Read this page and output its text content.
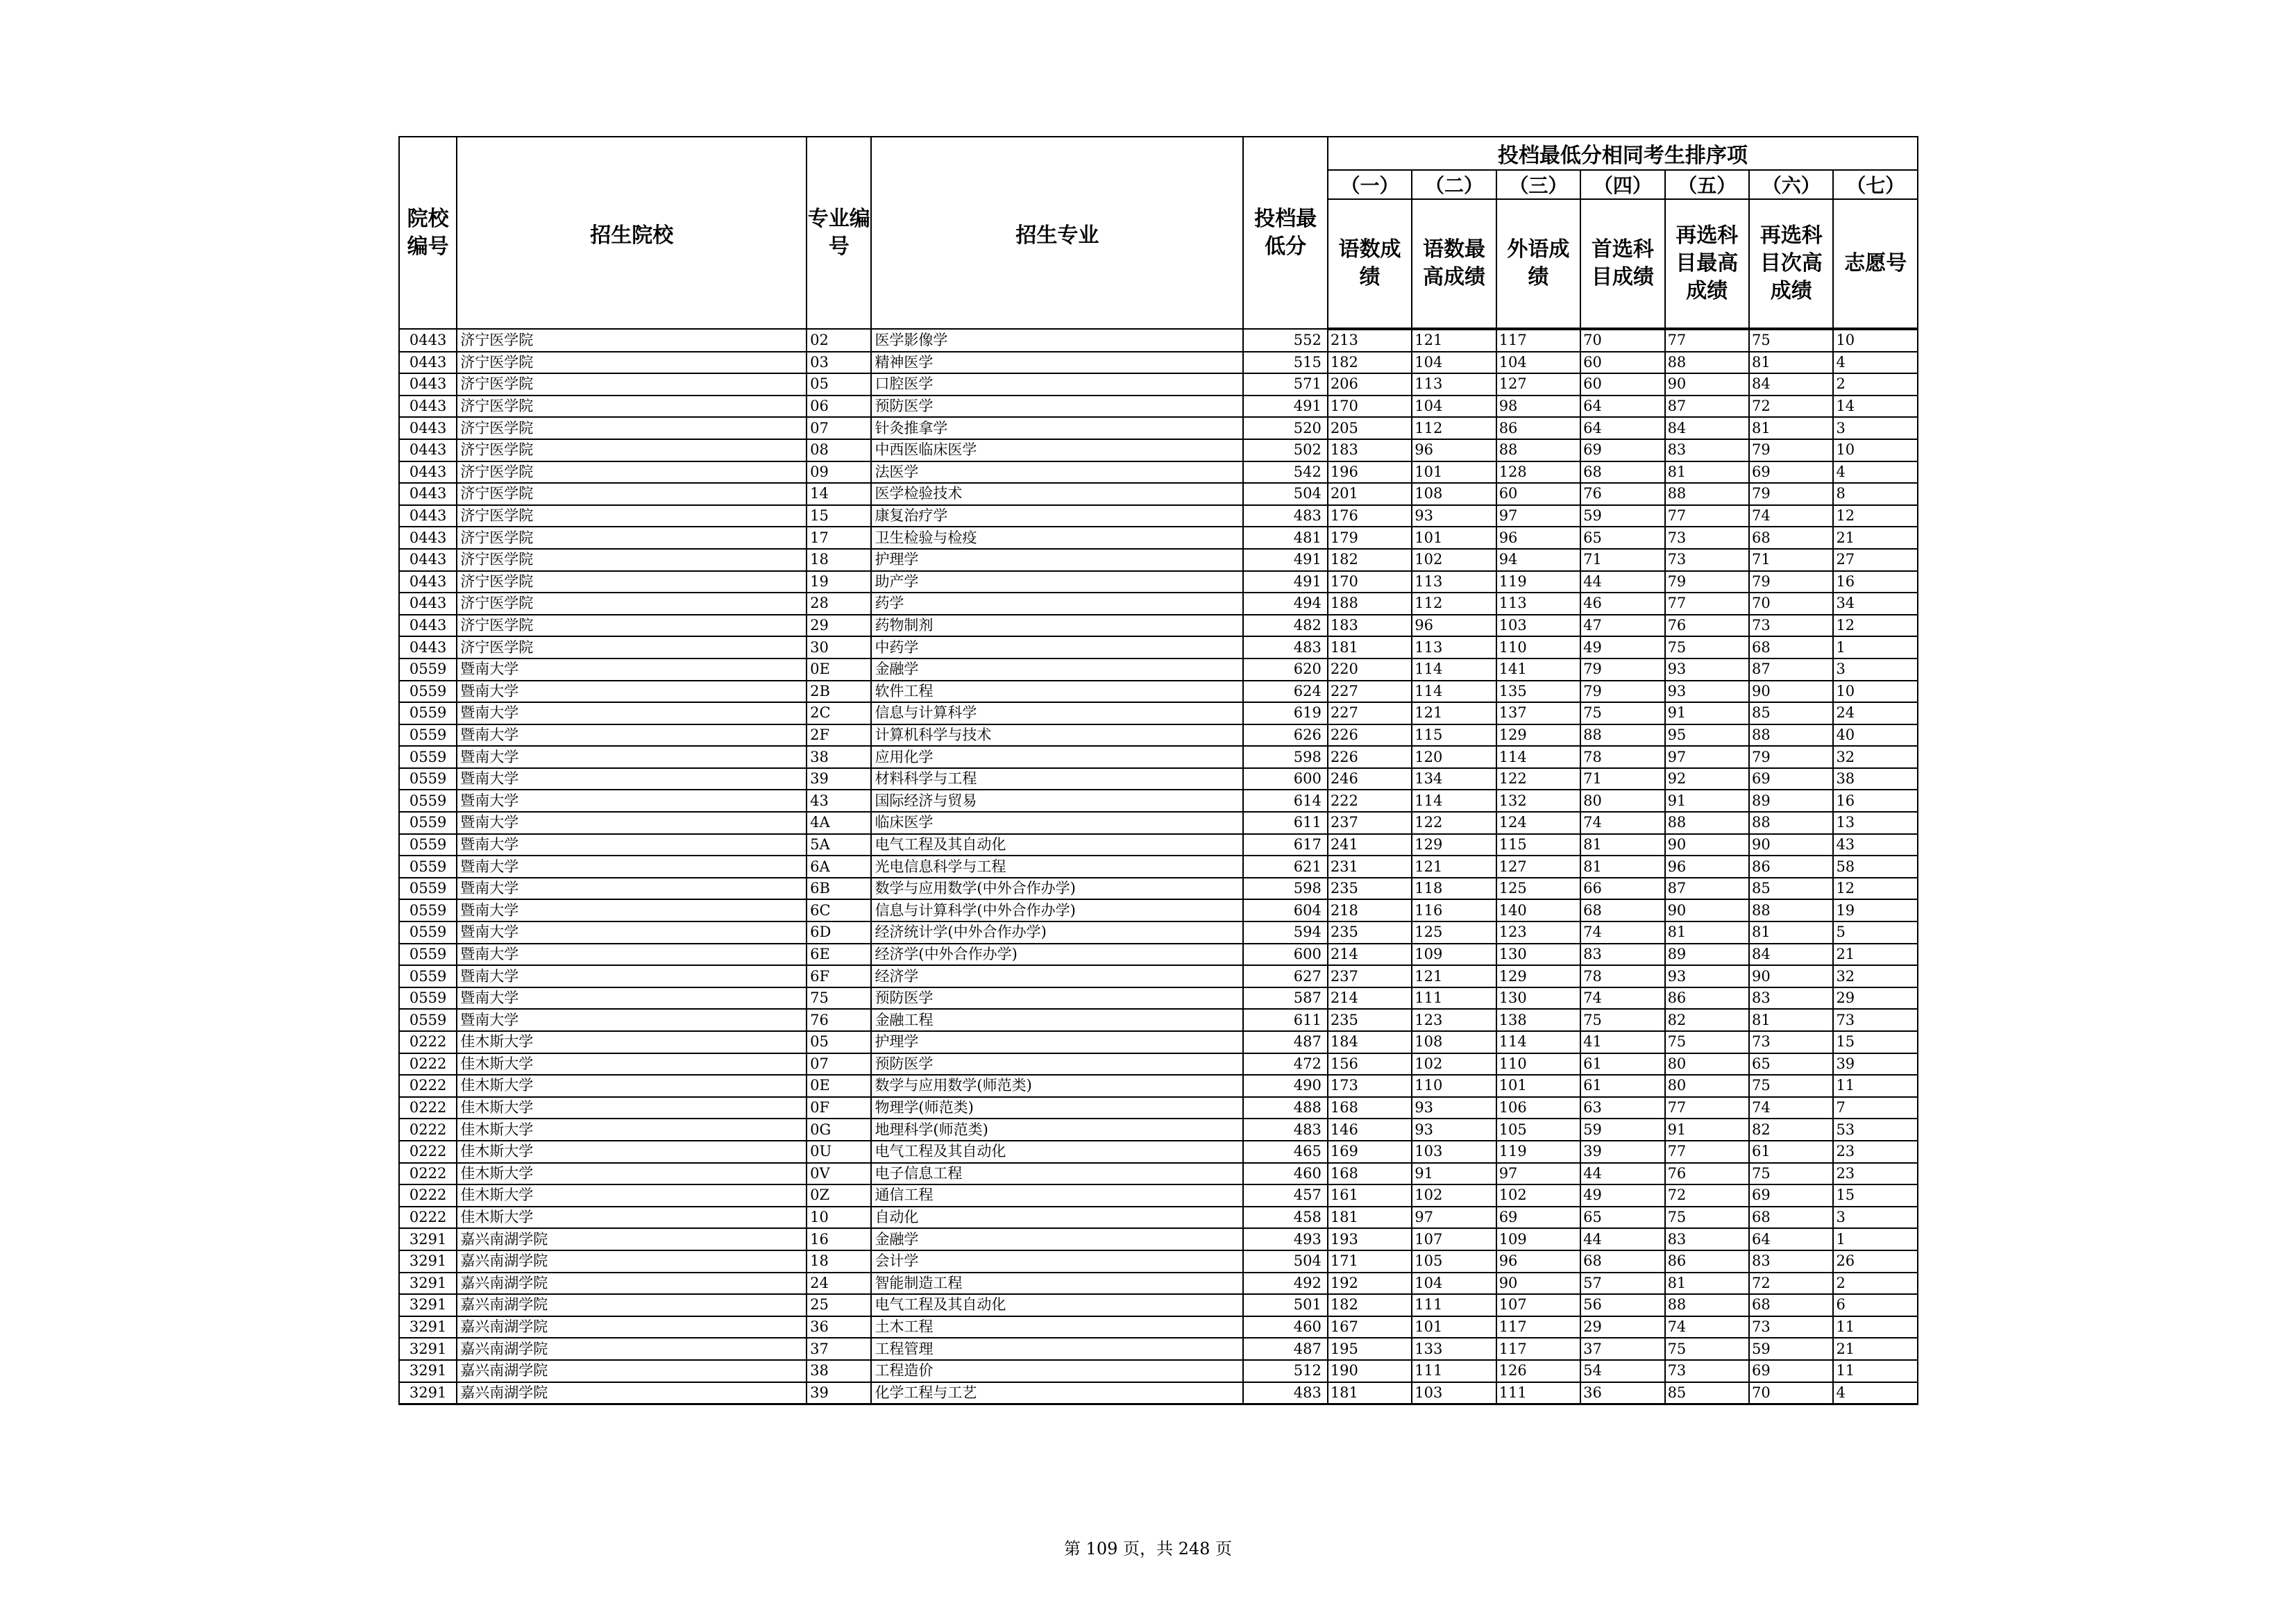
院校编号	招生院校	专业编号	招生专业	投档最低分	投档最低分相同考生排序项						
					（一）	（二）	（三）	（四）	（五）	（六）	（七）
					语数成绩	语数最高成绩	外语成绩	首选科目成绩	再选科目最高成绩	再选科目次高成绩	志愿号
0443	济宁医学院	02	医学影像学	552	213	121	117	70	77	75	10
0443	济宁医学院	03	精神医学	515	182	104	104	60	88	81	4
0443	济宁医学院	05	口腔医学	571	206	113	127	60	90	84	2
0443	济宁医学院	06	预防医学	491	170	104	98	64	87	72	14
0443	济宁医学院	07	针灸推拿学	520	205	112	86	64	84	81	3
0443	济宁医学院	08	中西医临床医学	502	183	96	88	69	83	79	10
0443	济宁医学院	09	法医学	542	196	101	128	68	81	69	4
0443	济宁医学院	14	医学检验技术	504	201	108	60	76	88	79	8
0443	济宁医学院	15	康复治疗学	483	176	93	97	59	77	74	12
0443	济宁医学院	17	卫生检验与检疫	481	179	101	96	65	73	68	21
0443	济宁医学院	18	护理学	491	182	102	94	71	73	71	27
0443	济宁医学院	19	助产学	491	170	113	119	44	79	79	16
0443	济宁医学院	28	药学	494	188	112	113	46	77	70	34
0443	济宁医学院	29	药物制剂	482	183	96	103	47	76	73	12
0443	济宁医学院	30	中药学	483	181	113	110	49	75	68	1
0559	暨南大学	0E	金融学	620	220	114	141	79	93	87	3
0559	暨南大学	2B	软件工程	624	227	114	135	79	93	90	10
0559	暨南大学	2C	信息与计算科学	619	227	121	137	75	91	85	24
0559	暨南大学	2F	计算机科学与技术	626	226	115	129	88	95	88	40
0559	暨南大学	38	应用化学	598	226	120	114	78	97	79	32
0559	暨南大学	39	材料科学与工程	600	246	134	122	71	92	69	38
0559	暨南大学	43	国际经济与贸易	614	222	114	132	80	91	89	16
0559	暨南大学	4A	临床医学	611	237	122	124	74	88	88	13
0559	暨南大学	5A	电气工程及其自动化	617	241	129	115	81	90	90	43
0559	暨南大学	6A	光电信息科学与工程	621	231	121	127	81	96	86	58
0559	暨南大学	6B	数学与应用数学(中外合作办学)	598	235	118	125	66	87	85	12
0559	暨南大学	6C	信息与计算科学(中外合作办学)	604	218	116	140	68	90	88	19
0559	暨南大学	6D	经济统计学(中外合作办学)	594	235	125	123	74	81	81	5
0559	暨南大学	6E	经济学(中外合作办学)	600	214	109	130	83	89	84	21
0559	暨南大学	6F	经济学	627	237	121	129	78	93	90	32
0559	暨南大学	75	预防医学	587	214	111	130	74	86	83	29
0559	暨南大学	76	金融工程	611	235	123	138	75	82	81	73
0222	佳木斯大学	05	护理学	487	184	108	114	41	75	73	15
0222	佳木斯大学	07	预防医学	472	156	102	110	61	80	65	39
0222	佳木斯大学	0E	数学与应用数学(师范类)	490	173	110	101	61	80	75	11
0222	佳木斯大学	0F	物理学(师范类)	488	168	93	106	63	77	74	7
0222	佳木斯大学	0G	地理科学(师范类)	483	146	93	105	59	91	82	53
0222	佳木斯大学	0U	电气工程及其自动化	465	169	103	119	39	77	61	23
0222	佳木斯大学	0V	电子信息工程	460	168	91	97	44	76	75	23
0222	佳木斯大学	0Z	通信工程	457	161	102	102	49	72	69	15
0222	佳木斯大学	10	自动化	458	181	97	69	65	75	68	3
3291	嘉兴南湖学院	16	金融学	493	193	107	109	44	83	64	1
3291	嘉兴南湖学院	18	会计学	504	171	105	96	68	86	83	26
3291	嘉兴南湖学院	24	智能制造工程	492	192	104	90	57	81	72	2
3291	嘉兴南湖学院	25	电气工程及其自动化	501	182	111	107	56	88	68	6
3291	嘉兴南湖学院	36	土木工程	460	167	101	117	29	74	73	11
3291	嘉兴南湖学院	37	工程管理	487	195	133	117	37	75	59	21
3291	嘉兴南湖学院	38	工程造价	512	190	111	126	54	73	69	11
3291	嘉兴南湖学院	39	化学工程与工艺	483	181	103	111	36	85	70	4
第 109 页，共 248 页
